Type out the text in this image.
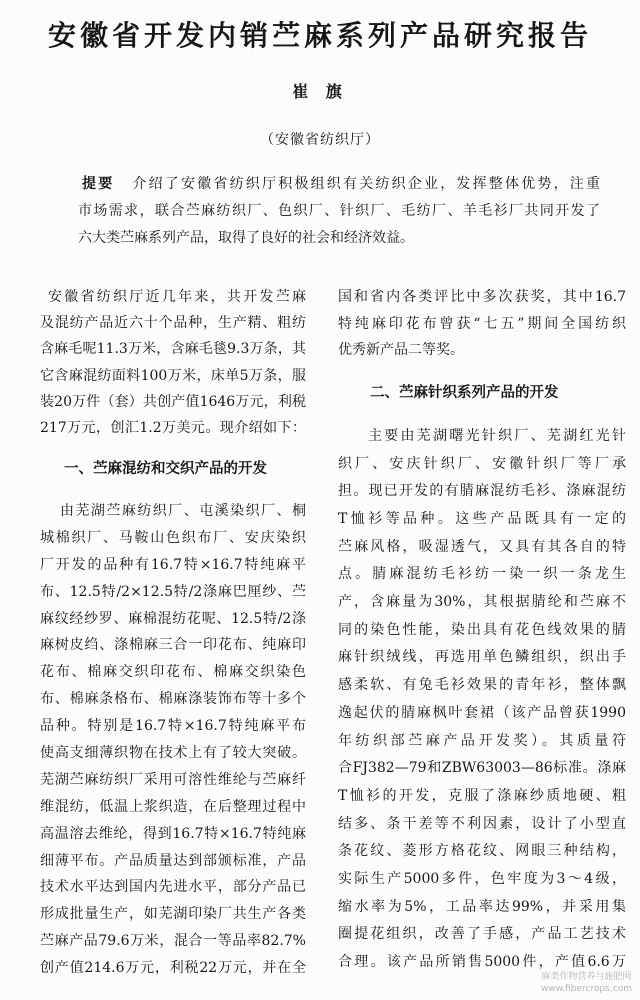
安徽省开发内销苎麻系列产品研究报告
崔 旗
（安徽省纺织厅）
提要 介绍了安徽省纺织厅积极组织有关纺织企业，发挥整体优势，注重
市场需求，联合苎麻纺织厂、色织厂、针织厂、毛纺厂、羊毛衫厂共同开发了
六大类苎麻系列产品，取得了良好的社会和经济效益。
安徽省纺织厅近几年来，共开发苎麻
及混纺产品近六十个品种，生产精、粗纺
含麻毛呢11.3万米，含麻毛毯9.3万条，其
它含麻混纺面料100万米，床单5万条，服
装20万件（套）共创产值1646万元，利税
217万元，创汇1.2万美元。现介绍如下：
一、苎麻混纺和交织产品的开发
由芜湖苎麻纺织厂、屯溪染织厂、桐
城棉织厂、马鞍山色织布厂、安庆染织
厂开发的品种有16.7特×16.7特纯麻平
布、12.5特/2×12.5特/2涤麻巴厘纱、苎
麻纹经纱罗、麻棉混纺花呢、12.5特/2涤
麻树皮绉、涤棉麻三合一印花布、纯麻印
花布、棉麻交织印花布、棉麻交织染色
布、棉麻条格布、棉麻涤装饰布等十多个
品种。特别是16.7特×16.7特纯麻平布
使高支细薄织物在技术上有了较大突破。
芜湖苎麻纺织厂采用可溶性维纶与苎麻纤
维混纺，低温上浆织造，在后整理过程中
高温溶去维纶，得到16.7特×16.7特纯麻
细薄平布。产品质量达到部颁标准，产品
技术水平达到国内先进水平，部分产品已
形成批量生产，如芜湖印染厂共生产各类
苎麻产品79.6万米，混合一等品率82.7%
创产值214.6万元，利税22万元，并在全
国和省内各类评比中多次获奖，其中16.7
特纯麻印花布曾获“七五”期间全国纺织
优秀新产品二等奖。
二、苎麻针织系列产品的开发
主要由芜湖曙光针织厂、芜湖红光针
织厂、安庆针织厂、安徽针织厂等厂承
担。现已开发的有腈麻混纺毛衫、涤麻混纺
T恤衫等品种。这些产品既具有一定的
苎麻风格，吸湿透气，又具有其各自的特
点。腈麻混纺毛衫纺一染一织一条龙生
产，含麻量为30%，其根据腈纶和苎麻不
同的染色性能，染出具有花色线效果的腈
麻针织绒线，再选用单色鳞组织，织出手
感柔软、有兔毛衫效果的青年衫，整体飘
逸起伏的腈麻枫叶套裙（该产品曾获1990
年纺织部苎麻产品开发奖）。其质量符
合FJ382—79和ZBW63003—86标准。涤麻
T恤衫的开发，克服了涤麻纱质地硬、粗
结多、条干差等不利因素，设计了小型直
条花纹、菱形方格花纹、网眼三种结构，
实际生产5000多件，色牢度为3～4级，
缩水率为5%，工品率达99%，并采用集
圈提花组织，改善了手感，产品工艺技术
合理。该产品所销售5000件，产值6.6万
麻类作物营养与施肥网
www.fibercrops.com
